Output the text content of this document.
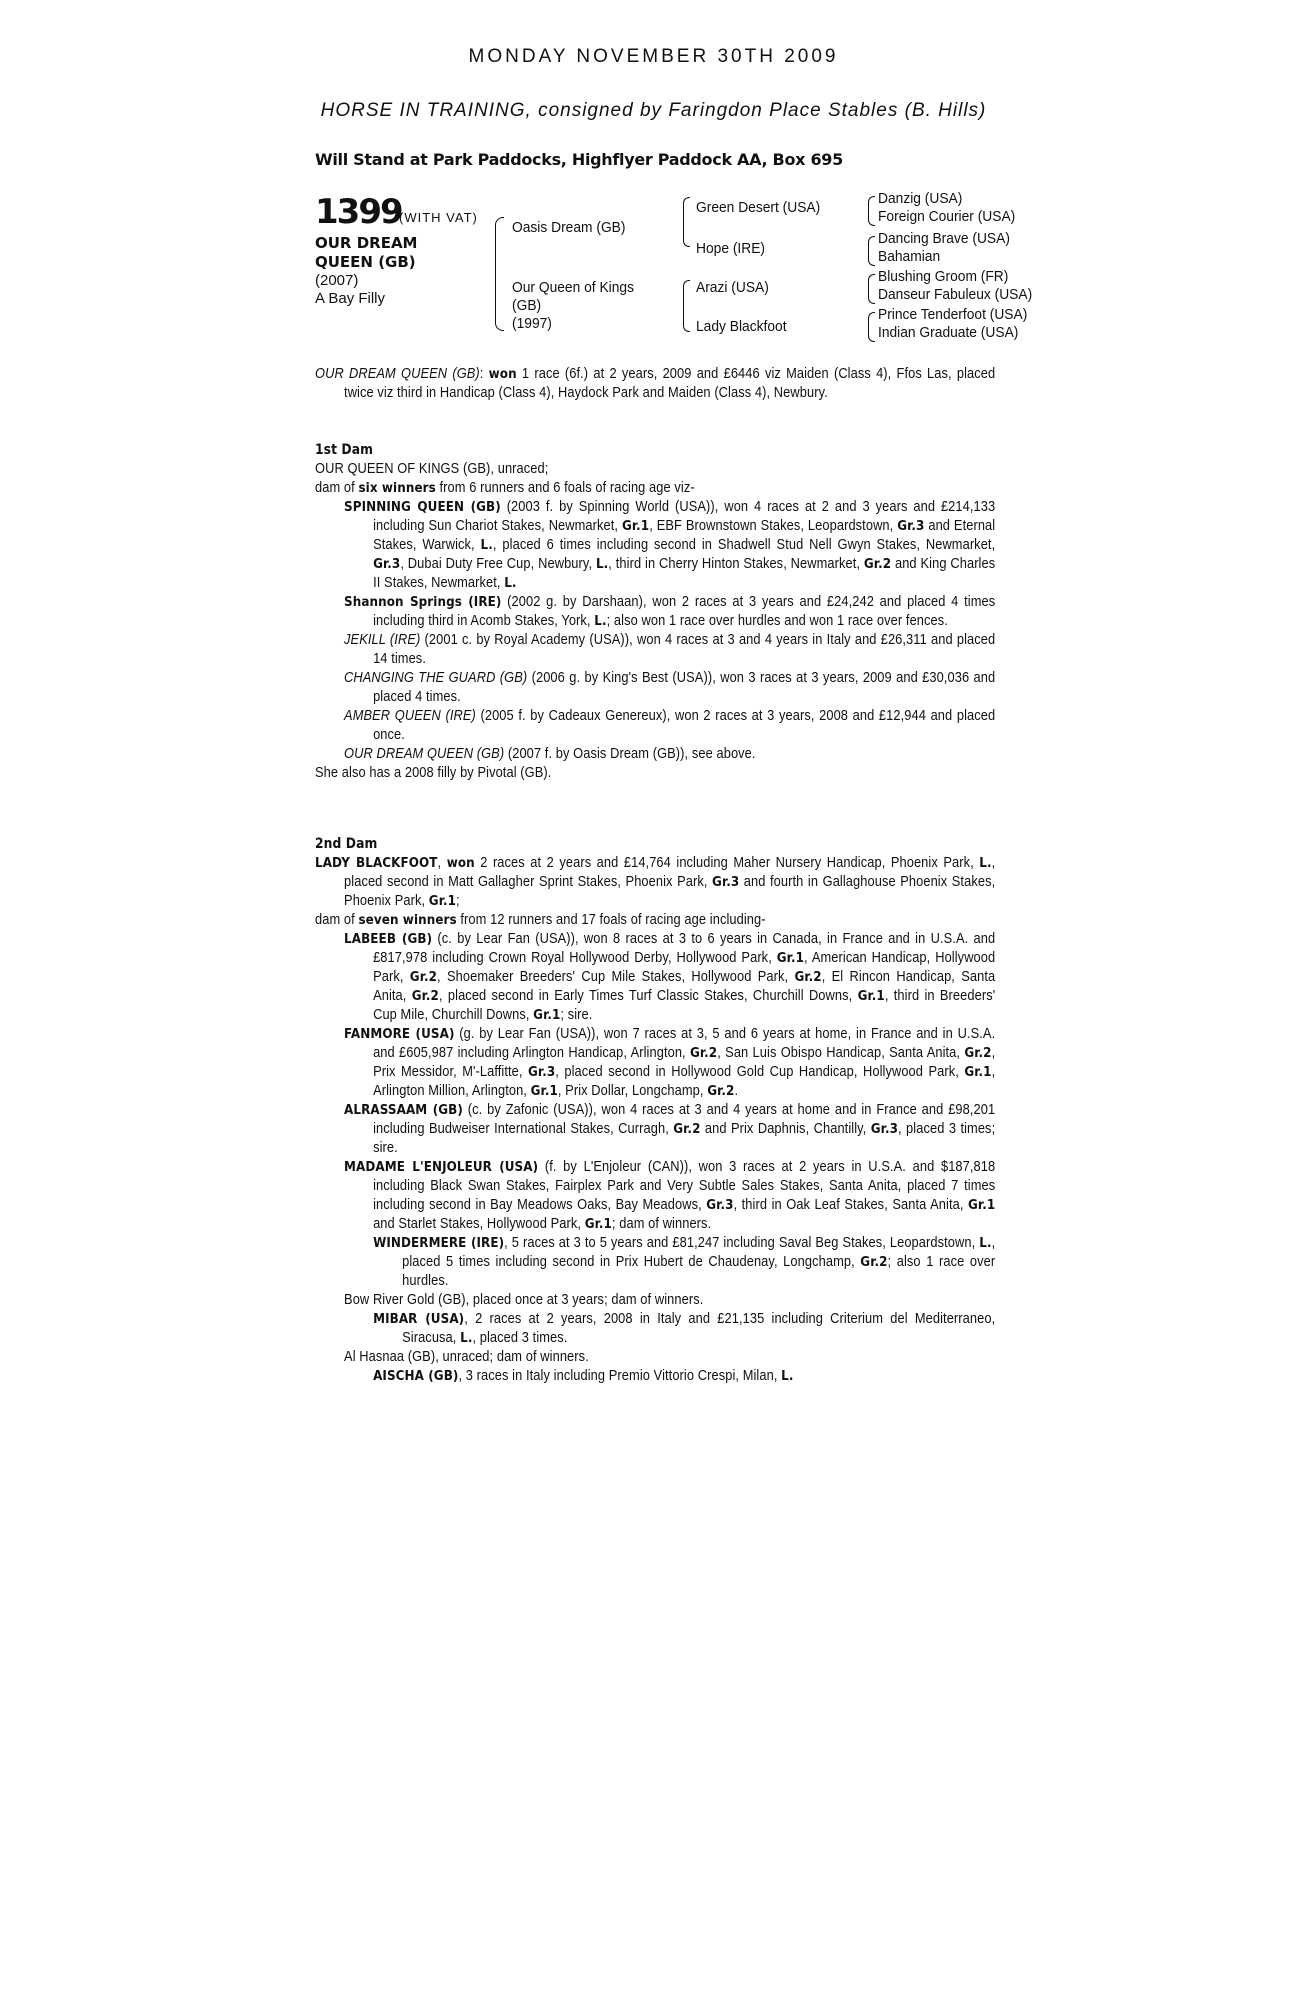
MONDAY NOVEMBER 30TH 2009
HORSE IN TRAINING, consigned by Faringdon Place Stables (B. Hills)
Will Stand at Park Paddocks, Highflyer Paddock AA, Box 695
1399
(WITH VAT)
OUR DREAM
QUEEN (GB)
(2007)
A Bay Filly
Oasis Dream (GB)
Our Queen of Kings
(GB)
(1997)
Green Desert (USA)
Hope (IRE)
Arazi (USA)
Lady Blackfoot
Danzig (USA)
Foreign Courier (USA)
Dancing Brave (USA)
Bahamian
Blushing Groom (FR)
Danseur Fabuleux (USA)
Prince Tenderfoot (USA)
Indian Graduate (USA)

OUR DREAM QUEEN (GB): won 1 race (6f.) at 2 years, 2009 and £6446 viz Maiden (Class 4), Ffos Las, placed twice viz third in Handicap (Class 4), Haydock Park and Maiden (Class 4), Newbury.

1st Dam

OUR QUEEN OF KINGS (GB), unraced;

dam of six winners from 6 runners and 6 foals of racing age viz-

SPINNING QUEEN (GB) (2003 f. by Spinning World (USA)), won 4 races at 2 and 3 years and £214,133 including Sun Chariot Stakes, Newmarket, Gr.1, EBF Brownstown Stakes, Leopardstown, Gr.3 and Eternal Stakes, Warwick, L., placed 6 times including second in Shadwell Stud Nell Gwyn Stakes, Newmarket, Gr.3, Dubai Duty Free Cup, Newbury, L., third in Cherry Hinton Stakes, Newmarket, Gr.2 and King Charles II Stakes, Newmarket, L.

Shannon Springs (IRE) (2002 g. by Darshaan), won 2 races at 3 years and £24,242 and placed 4 times including third in Acomb Stakes, York, L.; also won 1 race over hurdles and won 1 race over fences.

JEKILL (IRE) (2001 c. by Royal Academy (USA)), won 4 races at 3 and 4 years in Italy and £26,311 and placed 14 times.

CHANGING THE GUARD (GB) (2006 g. by King's Best (USA)), won 3 races at 3 years, 2009 and £30,036 and placed 4 times.

AMBER QUEEN (IRE) (2005 f. by Cadeaux Genereux), won 2 races at 3 years, 2008 and £12,944 and placed once.

OUR DREAM QUEEN (GB) (2007 f. by Oasis Dream (GB)), see above.

She also has a 2008 filly by Pivotal (GB).

2nd Dam

LADY BLACKFOOT, won 2 races at 2 years and £14,764 including Maher Nursery Handicap, Phoenix Park, L., placed second in Matt Gallagher Sprint Stakes, Phoenix Park, Gr.3 and fourth in Gallaghouse Phoenix Stakes, Phoenix Park, Gr.1;

dam of seven winners from 12 runners and 17 foals of racing age including-

LABEEB (GB) (c. by Lear Fan (USA)), won 8 races at 3 to 6 years in Canada, in France and in U.S.A. and £817,978 including Crown Royal Hollywood Derby, Hollywood Park, Gr.1, American Handicap, Hollywood Park, Gr.2, Shoemaker Breeders' Cup Mile Stakes, Hollywood Park, Gr.2, El Rincon Handicap, Santa Anita, Gr.2, placed second in Early Times Turf Classic Stakes, Churchill Downs, Gr.1, third in Breeders' Cup Mile, Churchill Downs, Gr.1; sire.

FANMORE (USA) (g. by Lear Fan (USA)), won 7 races at 3, 5 and 6 years at home, in France and in U.S.A. and £605,987 including Arlington Handicap, Arlington, Gr.2, San Luis Obispo Handicap, Santa Anita, Gr.2, Prix Messidor, M'-Laffitte, Gr.3, placed second in Hollywood Gold Cup Handicap, Hollywood Park, Gr.1, Arlington Million, Arlington, Gr.1, Prix Dollar, Longchamp, Gr.2.

ALRASSAAM (GB) (c. by Zafonic (USA)), won 4 races at 3 and 4 years at home and in France and £98,201 including Budweiser International Stakes, Curragh, Gr.2 and Prix Daphnis, Chantilly, Gr.3, placed 3 times; sire.

MADAME L'ENJOLEUR (USA) (f. by L'Enjoleur (CAN)), won 3 races at 2 years in U.S.A. and $187,818 including Black Swan Stakes, Fairplex Park and Very Subtle Sales Stakes, Santa Anita, placed 7 times including second in Bay Meadows Oaks, Bay Meadows, Gr.3, third in Oak Leaf Stakes, Santa Anita, Gr.1 and Starlet Stakes, Hollywood Park, Gr.1; dam of winners.

WINDERMERE (IRE), 5 races at 3 to 5 years and £81,247 including Saval Beg Stakes, Leopardstown, L., placed 5 times including second in Prix Hubert de Chaudenay, Longchamp, Gr.2; also 1 race over hurdles.

Bow River Gold (GB), placed once at 3 years; dam of winners.

MIBAR (USA), 2 races at 2 years, 2008 in Italy and £21,135 including Criterium del Mediterraneo, Siracusa, L., placed 3 times.

Al Hasnaa (GB), unraced; dam of winners.

AISCHA (GB), 3 races in Italy including Premio Vittorio Crespi, Milan, L.
